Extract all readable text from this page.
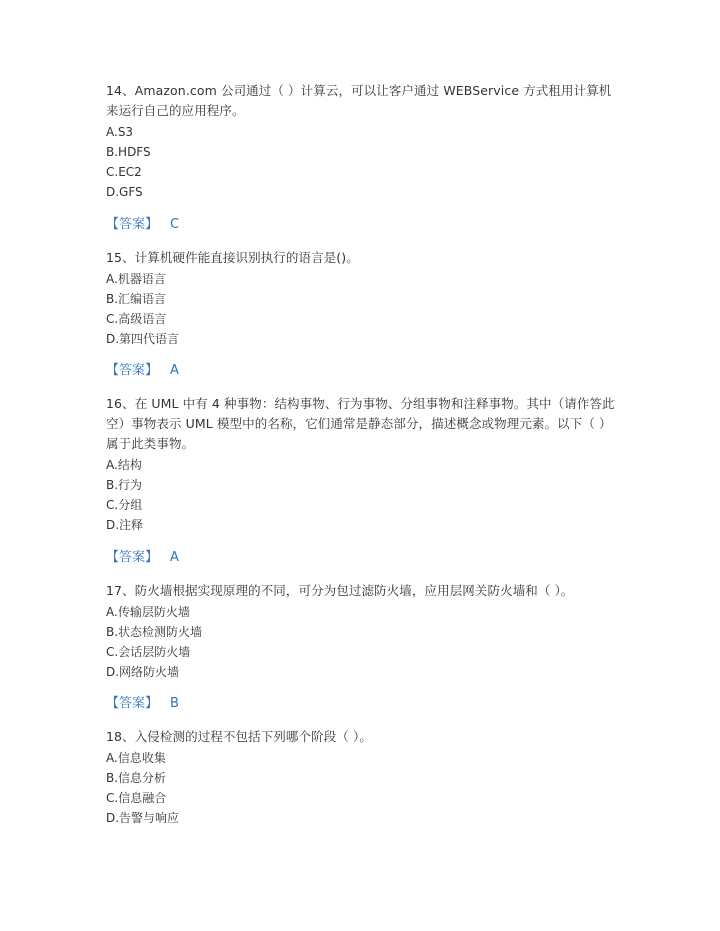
14、Amazon.com 公司通过（ ）计算云，可以让客户通过 WEBService 方式租用计算机来运行自己的应用程序。

A.S3
B.HDFS
C.EC2
D.GFS
【答案】 C

15、计算机硬件能直接识别执行的语言是()。

A.机器语言
B.汇编语言
C.高级语言
D.第四代语言
【答案】 A

16、在 UML 中有 4 种事物：结构事物、行为事物、分组事物和注释事物。其中（请作答此空）事物表示 UML 模型中的名称，它们通常是静态部分，描述概念或物理元素。以下（ ）属于此类事物。

A.结构
B.行为
C.分组
D.注释
【答案】 A

17、防火墙根据实现原理的不同，可分为包过滤防火墙，应用层网关防火墙和（ ）。

A.传输层防火墙
B.状态检测防火墙
C.会话层防火墙
D.网络防火墙
【答案】 B

18、入侵检测的过程不包括下列哪个阶段（ ）。

A.信息收集
B.信息分析
C.信息融合
D.告警与响应
